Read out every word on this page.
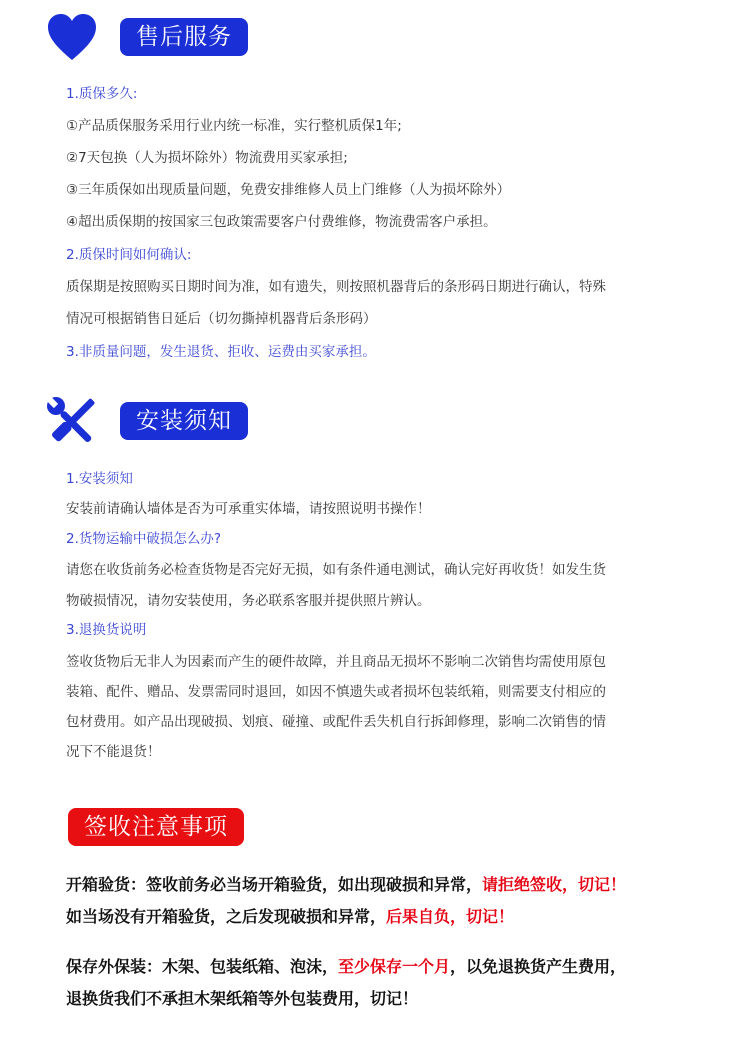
售后服务
1.质保多久:
①产品质保服务采用行业内统一标准，实行整机质保1年;
②7天包换（人为损坏除外）物流费用买家承担;
③三年质保如出现质量问题，免费安排维修人员上门维修（人为损坏除外）
④超出质保期的按国家三包政策需要客户付费维修，物流费需客户承担。
2.质保时间如何确认:
质保期是按照购买日期时间为准，如有遗失，则按照机器背后的条形码日期进行确认，特殊
情况可根据销售日延后（切勿撕掉机器背后条形码）
3.非质量问题，发生退货、拒收、运费由买家承担。
安装须知
1.安装须知
安装前请确认墙体是否为可承重实体墙，请按照说明书操作！
2.货物运输中破损怎么办?
请您在收货前务必检查货物是否完好无损，如有条件通电测试，确认完好再收货！如发生货
物破损情况，请勿安装使用，务必联系客服并提供照片辨认。
3.退换货说明
签收货物后无非人为因素而产生的硬件故障，并且商品无损坏不影响二次销售均需使用原包
装箱、配件、赠品、发票需同时退回，如因不慎遗失或者损坏包装纸箱，则需要支付相应的
包材费用。如产品出现破损、划痕、碰撞、或配件丢失机自行拆卸修理，影响二次销售的情
况下不能退货！
签收注意事项
开箱验货：签收前务必当场开箱验货，如出现破损和异常，请拒绝签收，切记！
如当场没有开箱验货，之后发现破损和异常，后果自负，切记！
保存外保装：木架、包装纸箱、泡沫，至少保存一个月，以免退换货产生费用，
退换货我们不承担木架纸箱等外包装费用，切记！
